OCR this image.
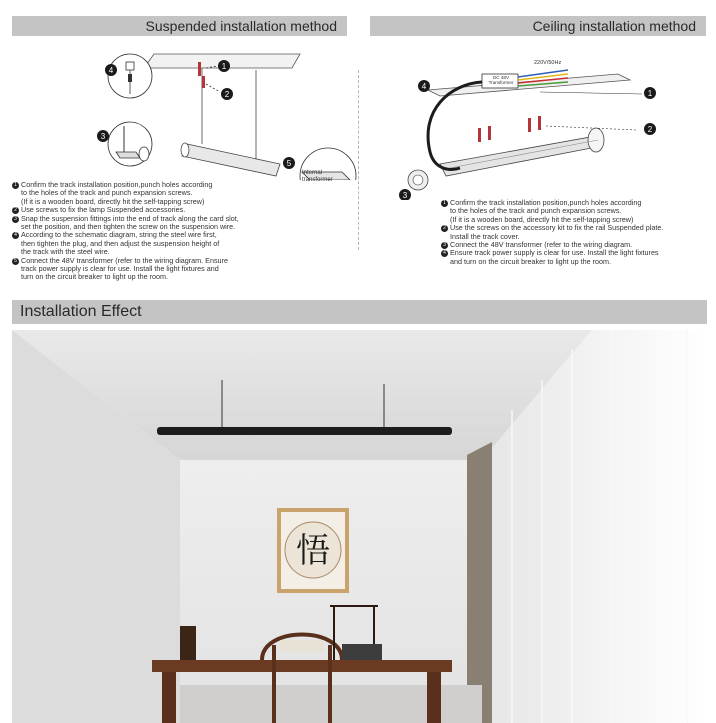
Suspended installation method	Ceiling installation method
1
2
3
4
5
Internal
transformer
1
2
3
4
220V/50Hz
DC 48V
Transformer
1 Confirm the track installation position,punch holes according
to the holes of the track and punch expansion screws.
(If it is a wooden board, directly hit the self-tapping screw)
2 Use screws to fix the lamp Suspended accessories.
3 Snap the suspension fittings into the end of track along the card slot,
set the position, and then tighten the screw on the suspension wire.
4 According to the schematic diagram, string the steel wire first,
then tighten the plug, and then adjust the suspension height of
the track with the steel wire.
5 Connect the 48V transformer (refer to the wiring diagram. Ensure
track power supply is clear for use. Install the light fixtures and
turn on the circuit breaker to light up the room.
1 Confirm the track installation position,punch holes according
to the holes of the track and punch expansion screws.
(If it is a wooden board, directly hit the self-tapping screw)
2 Use the screws on the accessory kit to fix the rail Suspended plate.
Install the track cover.
3 Connect the 48V transformer (refer to the wiring diagram.
4 Ensure track power supply is clear for use. Install the light fixtures
and turn on the circuit breaker to light up the room.
Installation Effect
悟
